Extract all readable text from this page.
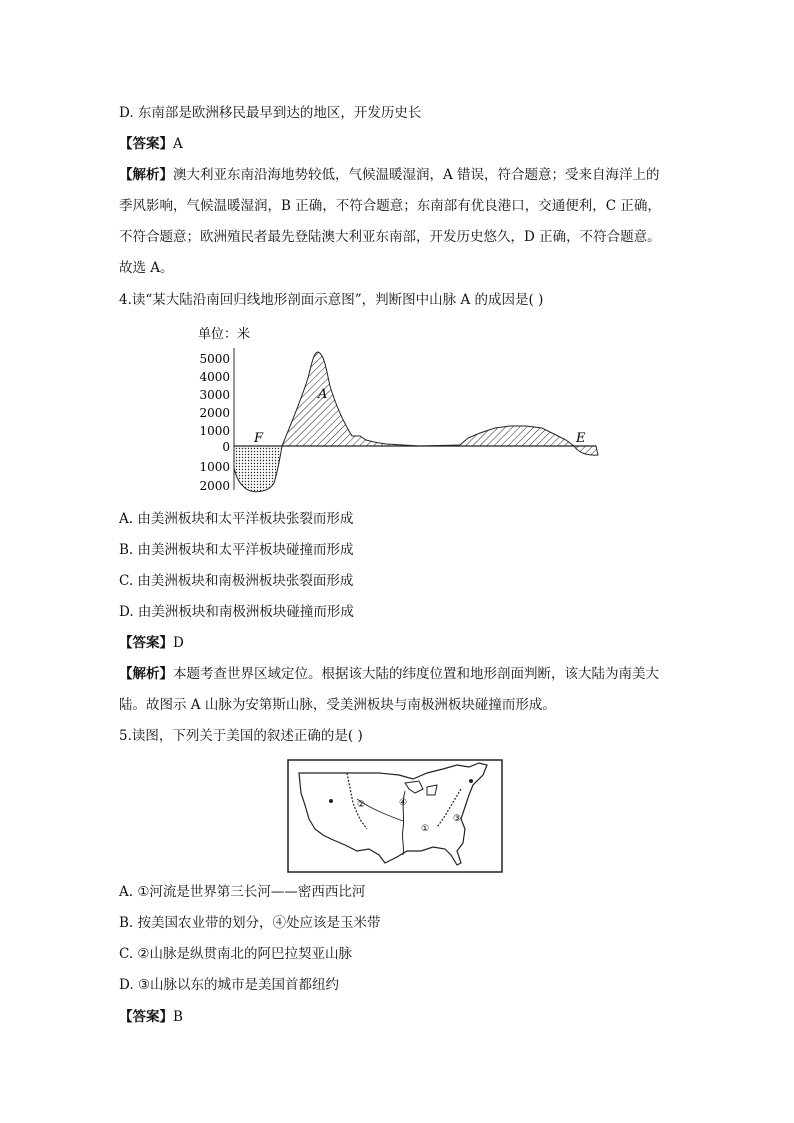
D. 东南部是欧洲移民最早到达的地区，开发历史长
【答案】A
【解析】澳大利亚东南沿海地势较低，气候温暖湿润，A 错误，符合题意；受来自海洋上的
季风影响，气候温暖湿润，B 正确，不符合题意；东南部有优良港口，交通便利，C 正确，
不符合题意；欧洲殖民者最先登陆澳大利亚东南部，开发历史悠久，D 正确，不符合题意。
故选 A。
4.读“某大陆沿南回归线地形剖面示意图”，判断图中山脉 A 的成因是( )
单位：米
5000
4000
3000
2000
1000
0
1000
2000
A
F	E
A. 由美洲板块和太平洋板块张裂而形成
B. 由美洲板块和太平洋板块碰撞而形成
C. 由美洲板块和南极洲板块张裂面形成
D. 由美洲板块和南极洲板块碰撞而形成
【答案】D
【解析】本题考查世界区域定位。根据该大陆的纬度位置和地形剖面判断，该大陆为南美大
陆。故图示 A 山脉为安第斯山脉，受美洲板块与南极洲板块碰撞而形成。
5.读图，下列关于美国的叙述正确的是( )
②	④
①
③
A. ①河流是世界第三长河——密西西比河
B. 按美国农业带的划分，④处应该是玉米带
C. ②山脉是纵贯南北的阿巴拉契亚山脉
D. ③山脉以东的城市是美国首都纽约
【答案】B
